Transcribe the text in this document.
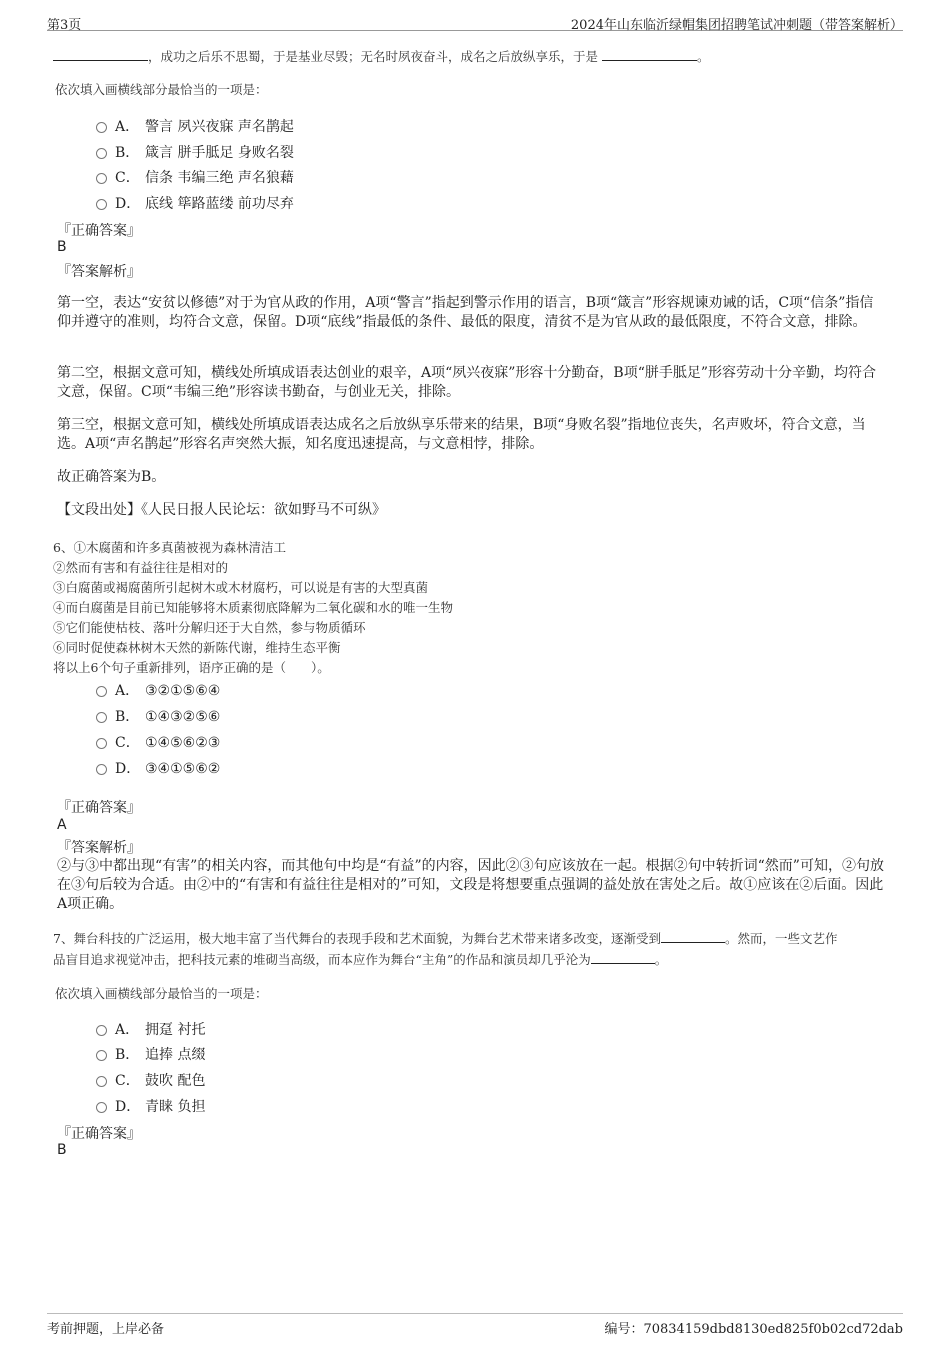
第3页	2024年山东临沂绿帽集团招聘笔试冲刺题（带答案解析）
，成功之后乐不思蜀，于是基业尽毁；无名时夙夜奋斗，成名之后放纵享乐，于是	。
依次填入画横线部分最恰当的一项是：
A． 警言 夙兴夜寐 声名鹊起
B． 箴言 胼手胝足 身败名裂
C． 信条 韦编三绝 声名狼藉
D． 底线 筚路蓝缕 前功尽弃
『正确答案』
B
『答案解析』
第一空，表达“安贫以修德”对于为官从政的作用，A项“警言”指起到警示作用的语言，B项“箴言”形容规谏劝诫的话，C项“信条”指信仰并遵守的准则，均符合文意，保留。D项“底线”指最低的条件、最低的限度，清贫不是为官从政的最低限度，不符合文意，排除。
第二空，根据文意可知，横线处所填成语表达创业的艰辛，A项“夙兴夜寐”形容十分勤奋，B项“胼手胝足”形容劳动十分辛勤，均符合文意，保留。C项“韦编三绝”形容读书勤奋，与创业无关，排除。
第三空，根据文意可知，横线处所填成语表达成名之后放纵享乐带来的结果，B项“身败名裂”指地位丧失，名声败坏，符合文意，当选。A项“声名鹊起”形容名声突然大振，知名度迅速提高，与文意相悖，排除。
故正确答案为B。
【文段出处】《人民日报人民论坛：欲如野马不可纵》
6、①木腐菌和许多真菌被视为森林清洁工
②然而有害和有益往往是相对的
③白腐菌或褐腐菌所引起树木或木材腐朽，可以说是有害的大型真菌
④而白腐菌是目前已知能够将木质素彻底降解为二氧化碳和水的唯一生物
⑤它们能使枯枝、落叶分解归还于大自然，参与物质循环
⑥同时促使森林树木天然的新陈代谢，维持生态平衡
将以上6个句子重新排列，语序正确的是（　　）。
A． ③②①⑤⑥④
B． ①④③②⑤⑥
C． ①④⑤⑥②③
D． ③④①⑤⑥②
『正确答案』
A
『答案解析』
②与③中都出现“有害”的相关内容，而其他句中均是“有益”的内容，因此②③句应该放在一起。根据②句中转折词“然而”可知，②句放在③句后较为合适。由②中的“有害和有益往往是相对的”可知，文段是将想要重点强调的益处放在害处之后。故①应该在②后面。因此A项正确。
7、舞台科技的广泛运用，极大地丰富了当代舞台的表现手段和艺术面貌，为舞台艺术带来诸多改变，逐渐受到	。然而，一些文艺作
品盲目追求视觉冲击，把科技元素的堆砌当高级，而本应作为舞台“主角”的作品和演员却几乎沦为	。
依次填入画横线部分最恰当的一项是：
A． 拥趸 衬托
B． 追捧 点缀
C． 鼓吹 配色
D． 青睐 负担
『正确答案』
B
考前押题，上岸必备	编号：70834159dbd8130ed825f0b02cd72dab
